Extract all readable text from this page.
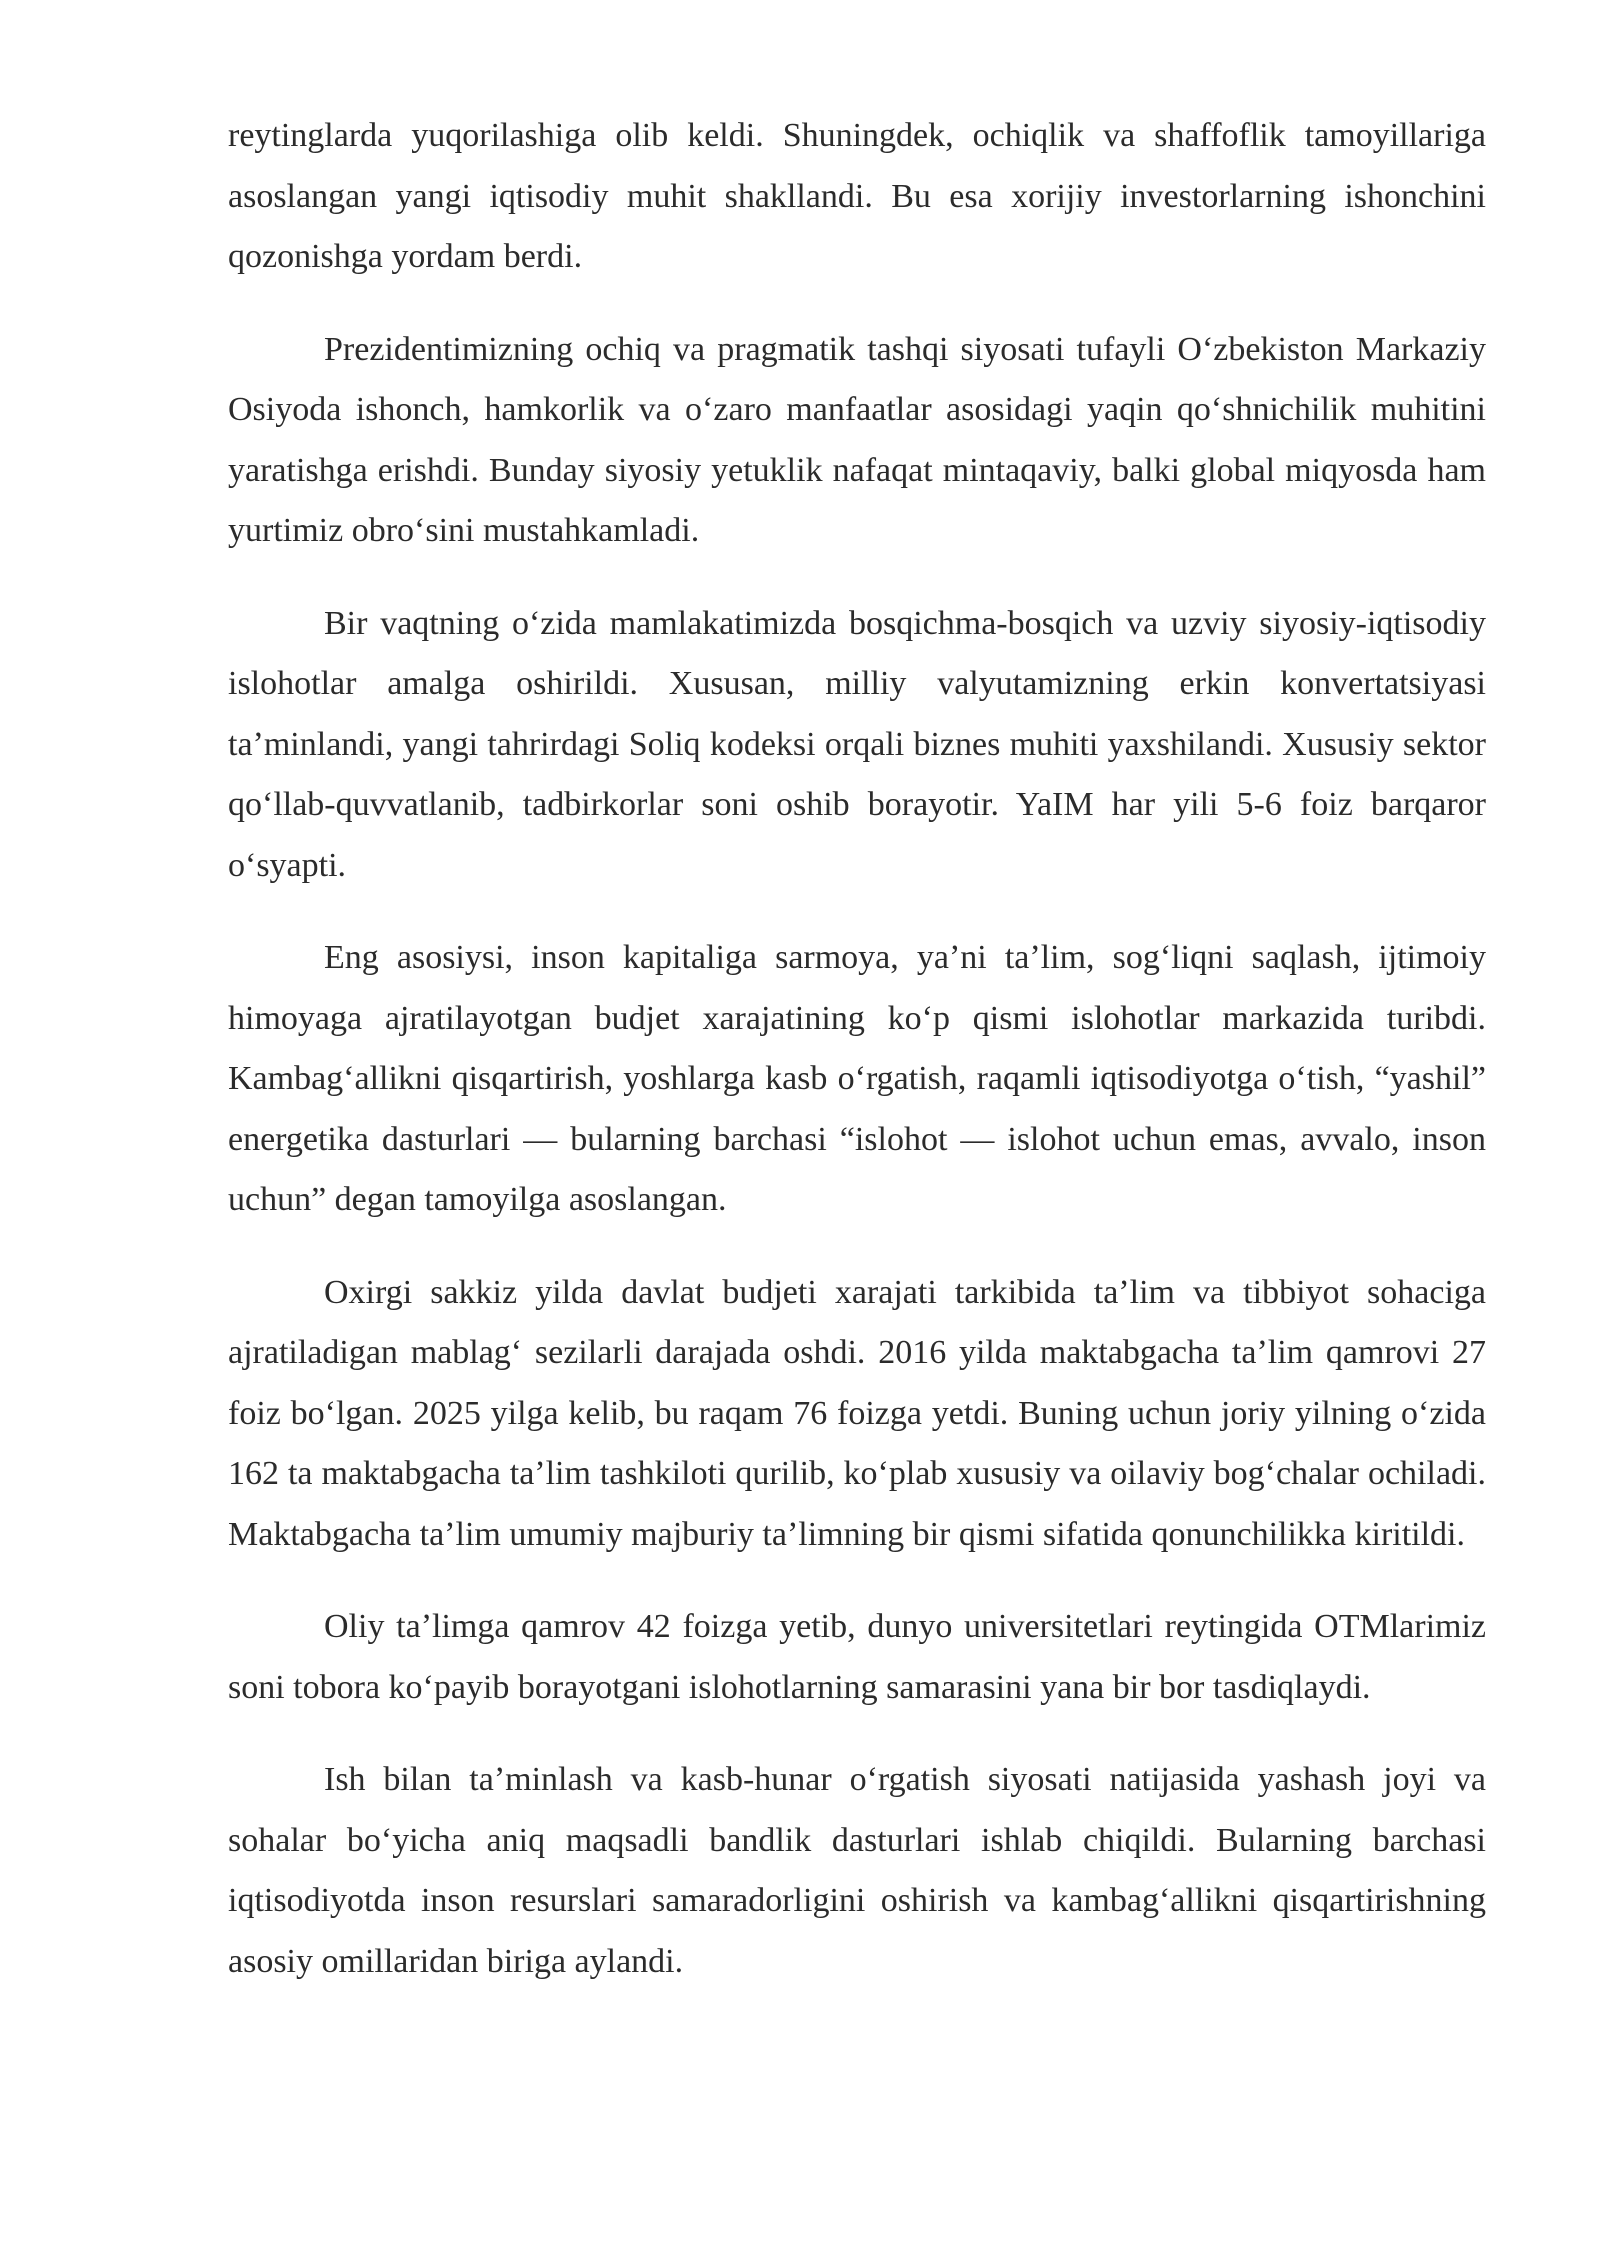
reytinglarda yuqorilashiga olib keldi. Shuningdek, ochiqlik va shaffoflik tamoyillariga asoslangan yangi iqtisodiy muhit shakllandi. Bu esa xorijiy investorlarning ishonchini qozonishga yordam berdi.

Prezidentimizning ochiq va pragmatik tashqi siyosati tufayli Oʻzbekiston Markaziy Osiyoda ishonch, hamkorlik va oʻzaro manfaatlar asosidagi yaqin qoʻshnichilik muhitini yaratishga erishdi. Bunday siyosiy yetuklik nafaqat mintaqaviy, balki global miqyosda ham yurtimiz obroʻsini mustahkamladi.

Bir vaqtning oʻzida mamlakatimizda bosqichma-bosqich va uzviy siyosiy-iqtisodiy islohotlar amalga oshirildi. Xususan, milliy valyutamizning erkin konvertatsiyasi taʼminlandi, yangi tahrirdagi Soliq kodeksi orqali biznes muhiti yaxshilandi. Xususiy sektor qoʻllab-quvvatlanib, tadbirkorlar soni oshib borayotir. YaIM har yili 5-6 foiz barqaror oʻsyapti.

Eng asosiysi, inson kapitaliga sarmoya, yaʼni taʼlim, sogʻliqni saqlash, ijtimoiy himoyaga ajratilayotgan budjet xarajatining koʻp qismi islohotlar markazida turibdi. Kambagʻallikni qisqartirish, yoshlarga kasb oʻrgatish, raqamli iqtisodiyotga oʻtish, “yashil” energetika dasturlari — bularning barchasi “islohot — islohot uchun emas, avvalo, inson uchun” degan tamoyilga asoslangan.

Oxirgi sakkiz yilda davlat budjeti xarajati tarkibida taʼlim va tibbiyot sohaciga ajratiladigan mablagʻ sezilarli darajada oshdi. 2016 yilda maktabgacha taʼlim qamrovi 27 foiz boʻlgan. 2025 yilga kelib, bu raqam 76 foizga yetdi. Buning uchun joriy yilning oʻzida 162 ta maktabgacha taʼlim tashkiloti qurilib, koʻplab xususiy va oilaviy bogʻchalar ochiladi. Maktabgacha taʼlim umumiy majburiy taʼlimning bir qismi sifatida qonunchilikka kiritildi.

Oliy taʼlimga qamrov 42 foizga yetib, dunyo universitetlari reytingida OTMlarimiz soni tobora koʻpayib borayotgani islohotlarning samarasini yana bir bor tasdiqlaydi.

Ish bilan taʼminlash va kasb-hunar oʻrgatish siyosati natijasida yashash joyi va sohalar boʻyicha aniq maqsadli bandlik dasturlari ishlab chiqildi. Bularning barchasi iqtisodiyotda inson resurslari samaradorligini oshirish va kambagʻallikni qisqartirishning asosiy omillaridan biriga aylandi.
